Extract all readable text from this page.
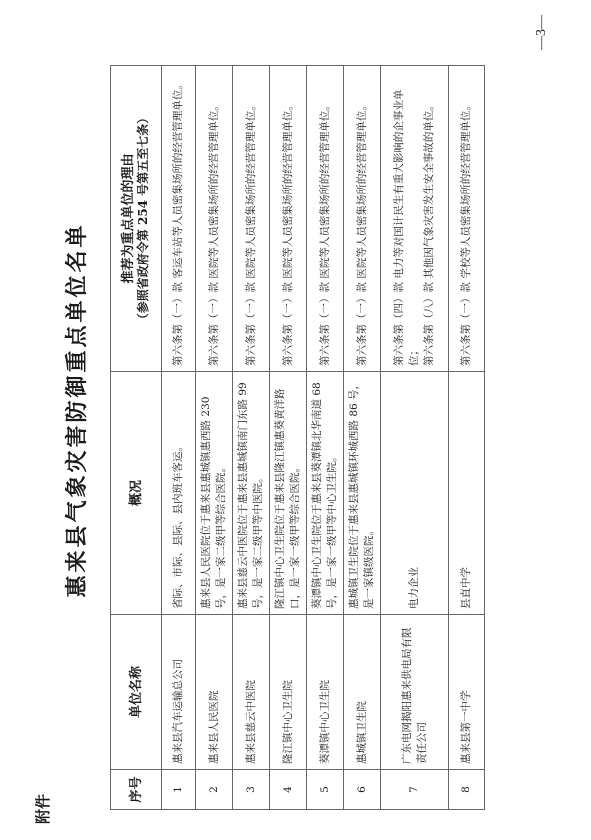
附件
—3—
惠来县气象灾害防御重点单位名单
序号	单位名称	概况	推荐为重点单位的理由 （参照省政府令第 254 号第五至七条）

1	惠来县汽车运输总公司	省际、市际、县际、县内班车客运。	第六条第（一）款 客运车站等人员密集场所的经营管理单位。
2	惠来县人民医院	惠来县人民医院位于惠来县惠城镇惠西路 230 号，是一家二级甲等综合医院。	第六条第（一）款 医院等人员密集场所的经营管理单位。
3	惠来县慈云中医院	惠来县慈云中医院位于惠来县惠城镇南门东路 99 号，是一家二级甲等中医院。	第六条第（一）款 医院等人员密集场所的经营管理单位。
4	隆江镇中心卫生院	隆江镇中心卫生院位于惠来县隆江镇惠葵黄洋路口，是一家一级甲等综合医院。	第六条第（一）款 医院等人员密集场所的经营管理单位。
5	葵潭镇中心卫生院	葵潭镇中心卫生院位于惠来县葵潭镇北华南道 68 号，是一家一级甲等中心卫生院。	第六条第（一）款 医院等人员密集场所的经营管理单位。
6	惠城镇卫生院	惠城镇卫生院位于惠来县惠城镇环城西路 86 号，是一家镇级医院。	第六条第（一）款 医院等人员密集场所的经营管理单位。
7	广东电网揭阳惠来供电局有限责任公司	电力企业	第六条第（四）款 电力等对国计民生有重大影响的企事业单位；
第六条第（八）款 其他因气象灾害发生安全事故的单位。
8	惠来县第一中学	县直中学	第六条第（一）款 学校等人员密集场所的经营管理单位。
